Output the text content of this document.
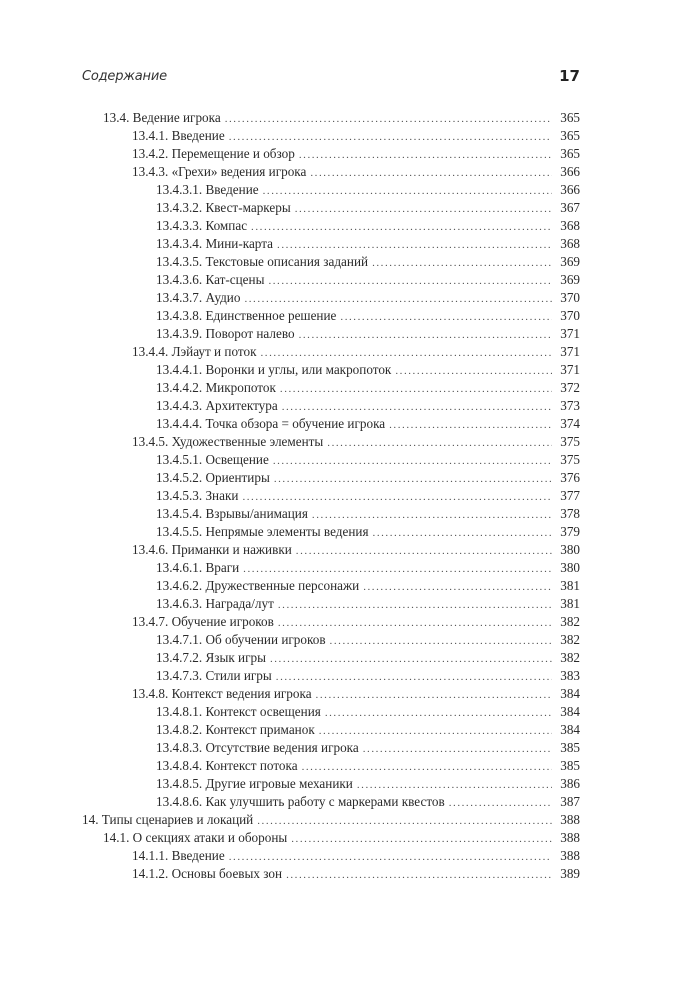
Содержание	17
13.4. Ведение игрока . . .	365
13.4.1. Введение . . .	365
13.4.2. Перемещение и обзор . . .	365
13.4.3. «Грехи» ведения игрока . . .	366
13.4.3.1. Введение . . .	366
13.4.3.2. Квест-маркеры . . .	367
13.4.3.3. Компас . . .	368
13.4.3.4. Мини-карта . . .	368
13.4.3.5. Текстовые описания заданий . . .	369
13.4.3.6. Кат-сцены . . .	369
13.4.3.7. Аудио . . .	370
13.4.3.8. Единственное решение . . .	370
13.4.3.9. Поворот налево . . .	371
13.4.4. Лэйаут и поток . . .	371
13.4.4.1. Воронки и углы, или макропоток . . .	371
13.4.4.2. Микропоток . . .	372
13.4.4.3. Архитектура . . .	373
13.4.4.4. Точка обзора = обучение игрока . . .	374
13.4.5. Художественные элементы . . .	375
13.4.5.1. Освещение . . .	375
13.4.5.2. Ориентиры . . .	376
13.4.5.3. Знаки . . .	377
13.4.5.4. Взрывы/анимация . . .	378
13.4.5.5. Непрямые элементы ведения . . .	379
13.4.6. Приманки и наживки . . .	380
13.4.6.1. Враги . . .	380
13.4.6.2. Дружественные персонажи . . .	381
13.4.6.3. Награда/лут . . .	381
13.4.7. Обучение игроков . . .	382
13.4.7.1. Об обучении игроков . . .	382
13.4.7.2. Язык игры . . .	382
13.4.7.3. Стили игры . . .	383
13.4.8. Контекст ведения игрока . . .	384
13.4.8.1. Контекст освещения . . .	384
13.4.8.2. Контекст приманок . . .	384
13.4.8.3. Отсутствие ведения игрока . . .	385
13.4.8.4. Контекст потока . . .	385
13.4.8.5. Другие игровые механики . . .	386
13.4.8.6. Как улучшить работу с маркерами квестов . . .	387
14. Типы сценариев и локаций . . .	388
14.1. О секциях атаки и обороны . . .	388
14.1.1. Введение . . .	388
14.1.2. Основы боевых зон . . .	389
